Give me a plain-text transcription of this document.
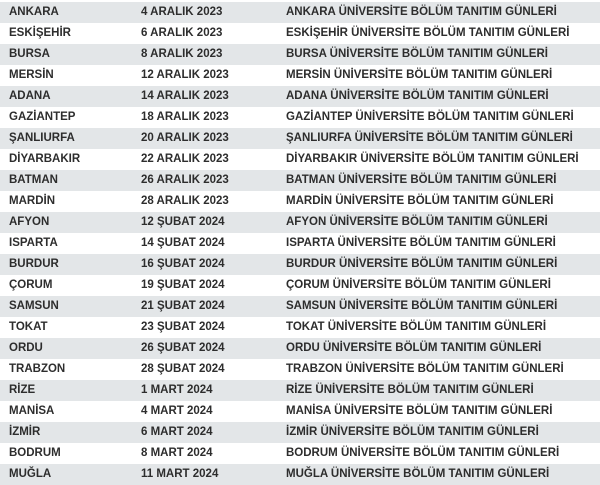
ANKARA	4 ARALIK 2023	ANKARA ÜNİVERSİTE BÖLÜM TANITIM GÜNLERİ
ESKİŞEHİR	6 ARALIK 2023	ESKİŞEHİR ÜNİVERSİTE BÖLÜM TANITIM GÜNLERİ
BURSA	8 ARALIK 2023	BURSA ÜNİVERSİTE BÖLÜM TANITIM GÜNLERİ
MERSİN	12 ARALIK 2023	MERSİN ÜNİVERSİTE BÖLÜM TANITIM GÜNLERİ
ADANA	14 ARALIK 2023	ADANA ÜNİVERSİTE BÖLÜM TANITIM GÜNLERİ
GAZİANTEP	18 ARALIK 2023	GAZİANTEP ÜNİVERSİTE BÖLÜM TANITIM GÜNLERİ
ŞANLIURFA	20 ARALIK 2023	ŞANLIURFA ÜNİVERSİTE BÖLÜM TANITIM GÜNLERİ
DİYARBAKIR	22 ARALIK 2023	DİYARBAKIR ÜNİVERSİTE BÖLÜM TANITIM GÜNLERİ
BATMAN	26 ARALIK 2023	BATMAN ÜNİVERSİTE BÖLÜM TANITIM GÜNLERİ
MARDİN	28 ARALIK 2023	MARDİN ÜNİVERSİTE BÖLÜM TANITIM GÜNLERİ
AFYON	12 ŞUBAT 2024	AFYON ÜNİVERSİTE BÖLÜM TANITIM GÜNLERİ
ISPARTA	14 ŞUBAT 2024	ISPARTA ÜNİVERSİTE BÖLÜM TANITIM GÜNLERİ
BURDUR	16 ŞUBAT 2024	BURDUR ÜNİVERSİTE BÖLÜM TANITIM GÜNLERİ
ÇORUM	19 ŞUBAT 2024	ÇORUM ÜNİVERSİTE BÖLÜM TANITIM GÜNLERİ
SAMSUN	21 ŞUBAT 2024	SAMSUN ÜNİVERSİTE BÖLÜM TANITIM GÜNLERİ
TOKAT	23 ŞUBAT 2024	TOKAT ÜNİVERSİTE BÖLÜM TANITIM GÜNLERİ
ORDU	26 ŞUBAT 2024	ORDU ÜNİVERSİTE BÖLÜM TANITIM GÜNLERİ
TRABZON	28 ŞUBAT 2024	TRABZON ÜNİVERSİTE BÖLÜM TANITIM GÜNLERİ
RİZE	1 MART 2024	RİZE ÜNİVERSİTE BÖLÜM TANITIM GÜNLERİ
MANİSA	4 MART 2024	MANİSA ÜNİVERSİTE BÖLÜM TANITIM GÜNLERİ
İZMİR	6 MART 2024	İZMİR ÜNİVERSİTE BÖLÜM TANITIM GÜNLERİ
BODRUM	8 MART 2024	BODRUM ÜNİVERSİTE BÖLÜM TANITIM GÜNLERİ
MUĞLA	11 MART 2024	MUĞLA ÜNİVERSİTE BÖLÜM TANITIM GÜNLERİ
